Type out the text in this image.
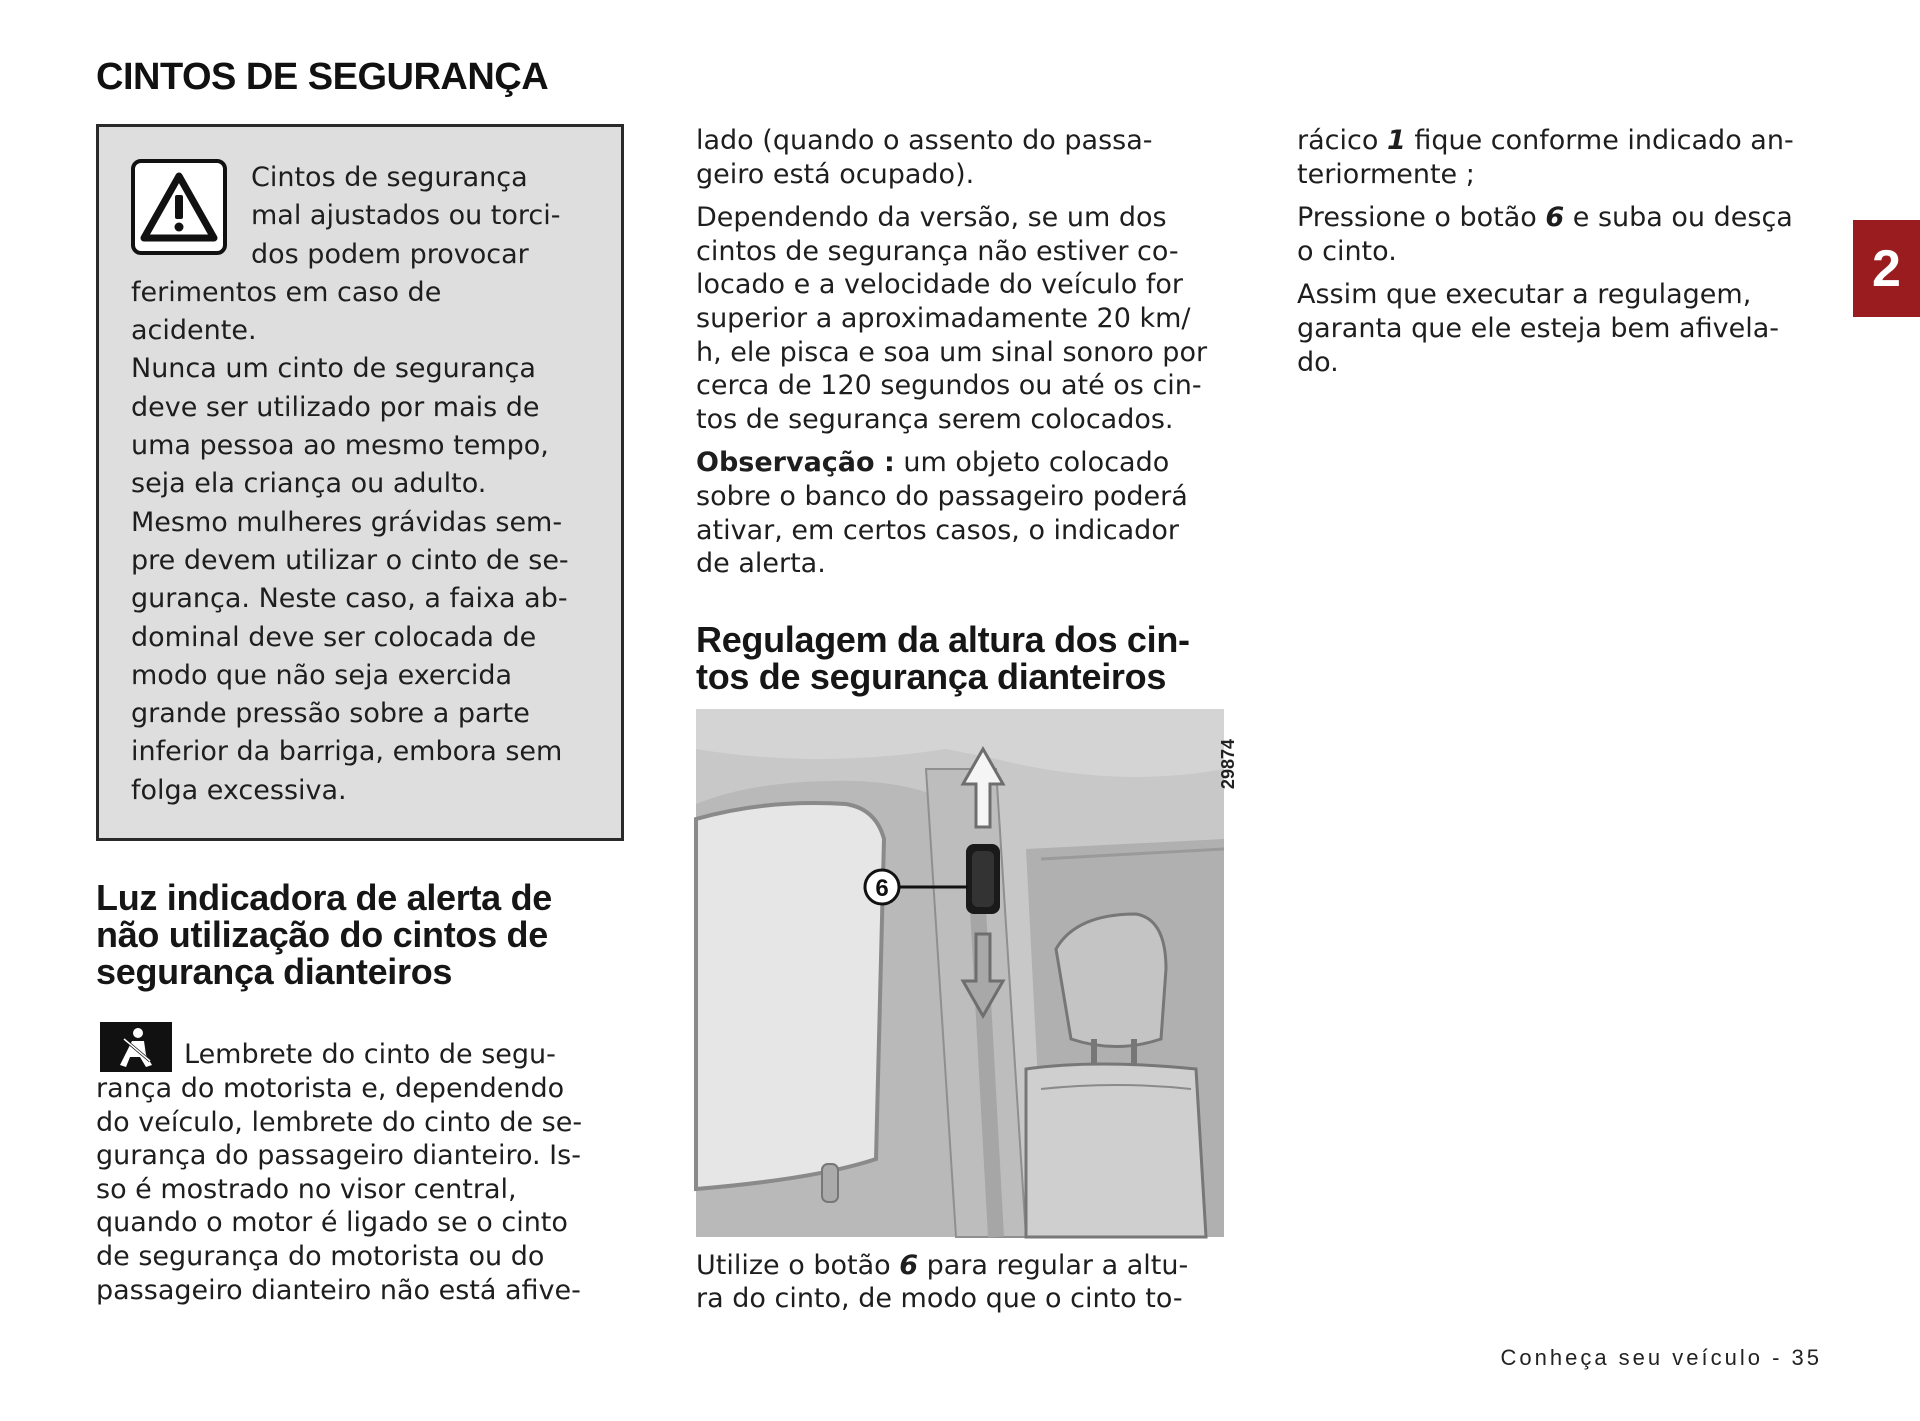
CINTOS DE SEGURANÇA

Cintos de segurança

mal ajustados ou torci-

dos podem provocar

ferimentos em caso de

acidente.

Nunca um cinto de segurança

deve ser utilizado por mais de

uma pessoa ao mesmo tempo,

seja ela criança ou adulto.

Mesmo mulheres grávidas sem-

pre devem utilizar o cinto de se-

gurança. Neste caso, a faixa ab-

dominal deve ser colocada de

modo que não seja exercida

grande pressão sobre a parte

inferior da barriga, embora sem

folga excessiva.

Luz indicadora de alerta de
não utilização do cintos de
segurança dianteiros
Lembrete do cinto de segu-
rança do motorista e, dependendo
do veículo, lembrete do cinto de se-
gurança do passageiro dianteiro. Is-
so é mostrado no visor central,
quando o motor é ligado se o cinto
de segurança do motorista ou do
passageiro dianteiro não está afive-
lado (quando o assento do passa-
geiro está ocupado).
Dependendo da versão, se um dos
cintos de segurança não estiver co-
locado e a velocidade do veículo for
superior a aproximadamente 20 km/
h, ele pisca e soa um sinal sonoro por
cerca de 120 segundos ou até os cin-
tos de segurança serem colocados.
Observação : um objeto colocado
sobre o banco do passageiro poderá
ativar, em certos casos, o indicador
de alerta.
Regulagem da altura dos cin-
tos de segurança dianteiros
6
29874
Utilize o botão 6 para regular a altu-
ra do cinto, de modo que o cinto to-
rácico 1 fique conforme indicado an-
teriormente ;
Pressione o botão 6 e suba ou desça
o cinto.
Assim que executar a regulagem,
garanta que ele esteja bem afivela-
do.
2
Conheça seu veículo - 35
